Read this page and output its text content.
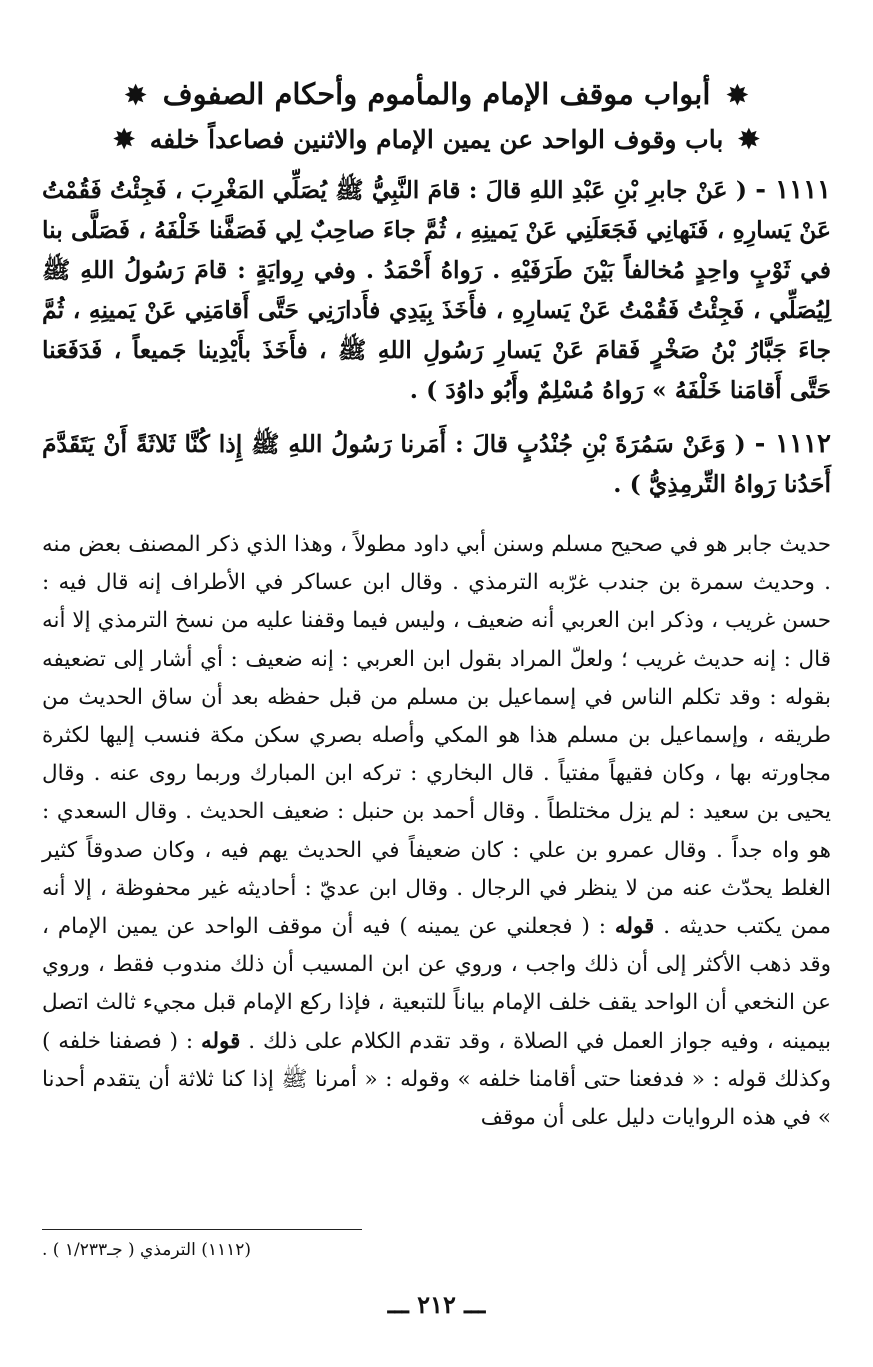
✸ أبواب موقف الإمام والمأموم وأحكام الصفوف ✸
✸ باب وقوف الواحد عن يمين الإمام والاثنين فصاعداً خلفه ✸

١١١١ - ( عَنْ جابرِ بْنِ عَبْدِ اللهِ قالَ : قامَ النَّبِيُّ ﷺ يُصَلِّي المَغْرِبَ ، فَجِئْتُ فَقُمْتُ عَنْ يَسارِهِ ، فَنَهانِي فَجَعَلَنِي عَنْ يَمينِهِ ، ثُمَّ جاءَ صاحِبٌ لِي فَصَفَّنا خَلْفَهُ ، فَصَلَّى بنا في ثَوْبٍ واحِدٍ مُخالفاً بَيْنَ طَرَفَيْهِ . رَواهُ أَحْمَدُ . وفي رِوايَةٍ : قامَ رَسُولُ اللهِ ﷺ لِيُصَلِّي ، فَجِئْتُ فَقُمْتُ عَنْ يَسارِهِ ، فأَخَذَ بِيَدِي فأَدارَنِي حَتَّى أَقامَنِي عَنْ يَمينِهِ ، ثُمَّ جاءَ جَبَّارُ بْنُ صَخْرٍ فَقامَ عَنْ يَسارِ رَسُولِ اللهِ ﷺ ، فأَخَذَ بأَيْدِينا جَميعاً ، فَدَفَعَنا حَتَّى أَقامَنا خَلْفَهُ » رَواهُ مُسْلِمٌ وأَبُو داوُدَ ) .

١١١٢ - ( وَعَنْ سَمُرَةَ بْنِ جُنْدُبٍ قالَ : أَمَرنا رَسُولُ اللهِ ﷺ إِذا كُنَّا ثَلاثَةً أَنْ يَتَقَدَّمَ أَحَدُنا رَواهُ التِّرمِذِيُّ ) .

حديث جابر هو في صحيح مسلم وسنن أبي داود مطولاً ، وهذا الذي ذكر المصنف بعض منه . وحديث سمرة بن جندب غرّبه الترمذي . وقال ابن عساكر في الأطراف إنه قال فيه : حسن غريب ، وذكر ابن العربي أنه ضعيف ، وليس فيما وقفنا عليه من نسخ الترمذي إلا أنه قال : إنه حديث غريب ؛ ولعلّ المراد بقول ابن العربي : إنه ضعيف : أي أشار إلى تضعيفه بقوله : وقد تكلم الناس في إسماعيل بن مسلم من قبل حفظه بعد أن ساق الحديث من طريقه ، وإسماعيل بن مسلم هذا هو المكي وأصله بصري سكن مكة فنسب إليها لكثرة مجاورته بها ، وكان فقيهاً مفتياً . قال البخاري : تركه ابن المبارك وربما روى عنه . وقال يحيى بن سعيد : لم يزل مختلطاً . وقال أحمد بن حنبل : ضعيف الحديث . وقال السعدي : هو واه جداً . وقال عمرو بن علي : كان ضعيفاً في الحديث يهم فيه ، وكان صدوقاً كثير الغلط يحدّث عنه من لا ينظر في الرجال . وقال ابن عديّ : أحاديثه غير محفوظة ، إلا أنه ممن يكتب حديثه . قوله : ( فجعلني عن يمينه ) فيه أن موقف الواحد عن يمين الإمام ، وقد ذهب الأكثر إلى أن ذلك واجب ، وروي عن ابن المسيب أن ذلك مندوب فقط ، وروي عن النخعي أن الواحد يقف خلف الإمام بياناً للتبعية ، فإذا ركع الإمام قبل مجيء ثالث اتصل بيمينه ، وفيه جواز العمل في الصلاة ، وقد تقدم الكلام على ذلك . قوله : ( فصفنا خلفه ) وكذلك قوله : « فدفعنا حتى أقامنا خلفه » وقوله : « أمرنا ﷺ إذا كنا ثلاثة أن يتقدم أحدنا » في هذه الروايات دليل على أن موقف

(١١١٢) الترمذي ( جـ١/٢٣٣ ) .
ـــ ٢١٢ ـــ
